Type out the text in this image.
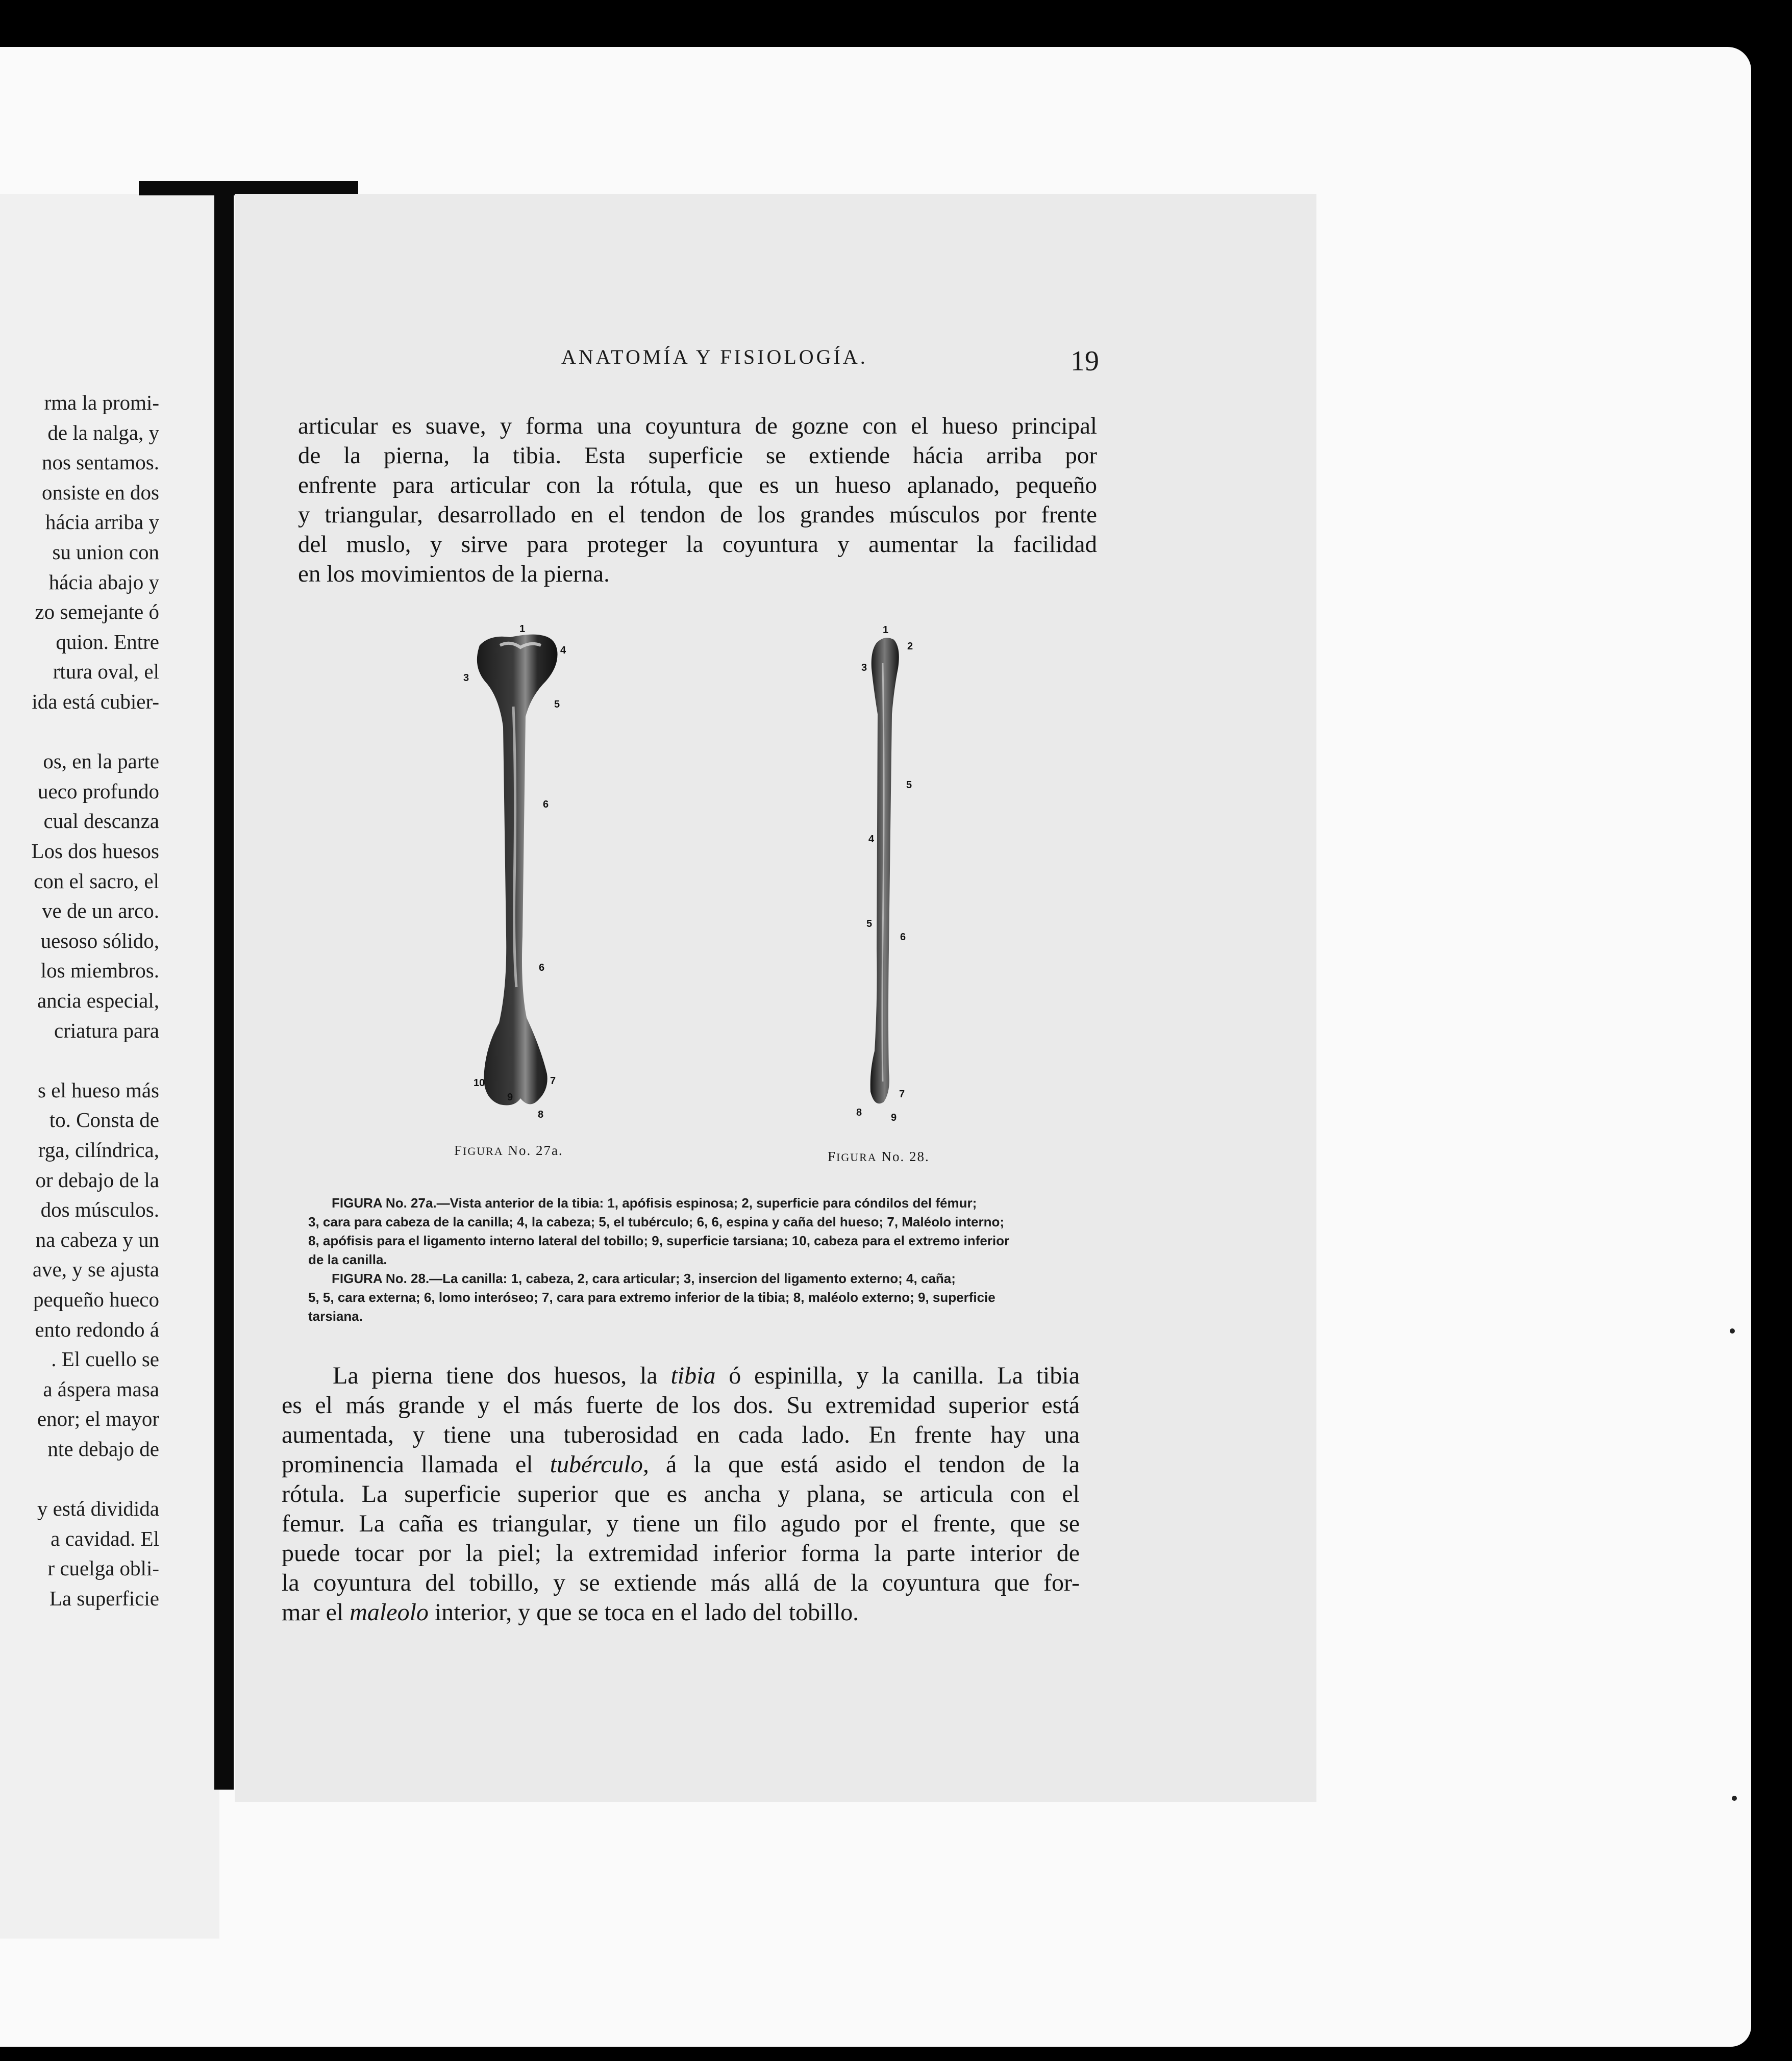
rma la promi-
de la nalga, y
nos sentamos.
onsiste en dos
hácia arriba y
su union con
hácia abajo y
zo semejante ó
quion. Entre
rtura oval, el
ida está cubier-
os, en la parte
ueco profundo
cual descanza
Los dos huesos
con el sacro, el
ve de un arco.
uesoso sólido,
los miembros.
ancia especial,
criatura para
s el hueso más
to. Consta de
rga, cilíndrica,
or debajo de la
dos músculos.
na cabeza y un
ave, y se ajusta
pequeño hueco
ento redondo á
. El cuello se
a áspera masa
enor; el mayor
nte debajo de
y está dividida
a cavidad. El
r cuelga obli-
La superficie
ANATOMÍA Y FISIOLOGÍA.	19
articular es suave, y forma una coyuntura de gozne con el hueso principal
de la pierna, la tibia. Esta superficie se extiende hácia arriba por
enfrente para articular con la rótula, que es un hueso aplanado, pequeño
y triangular, desarrollado en el tendon de los grandes músculos por frente
del muslo, y sirve para proteger la coyuntura y aumentar la facilidad
en los movimientos de la pierna.
1
4
3
5
6
6
10
9
7
8
1
2
3
5
4
5
6
7
8	9
FIGURA No. 27a.	FIGURA No. 28.
FIGURA No. 27a.—Vista anterior de la tibia: 1, apófisis espinosa; 2, superficie para cóndilos del fémur;
3, cara para cabeza de la canilla; 4, la cabeza; 5, el tubérculo; 6, 6, espina y caña del hueso; 7, Maléolo interno;
8, apófisis para el ligamento interno lateral del tobillo; 9, superficie tarsiana; 10, cabeza para el extremo inferior
de la canilla.
FIGURA No. 28.—La canilla: 1, cabeza, 2, cara articular; 3, insercion del ligamento externo; 4, caña;
5, 5, cara externa; 6, lomo interóseo; 7, cara para extremo inferior de la tibia; 8, maléolo externo; 9, superficie
tarsiana.
La pierna tiene dos huesos, la tibia ó espinilla, y la canilla. La tibia
es el más grande y el más fuerte de los dos. Su extremidad superior está
aumentada, y tiene una tuberosidad en cada lado. En frente hay una
prominencia llamada el tubérculo, á la que está asido el tendon de la
rótula. La superficie superior que es ancha y plana, se articula con el
femur. La caña es triangular, y tiene un filo agudo por el frente, que se
puede tocar por la piel; la extremidad inferior forma la parte interior de
la coyuntura del tobillo, y se extiende más allá de la coyuntura que for-
mar el maleolo interior, y que se toca en el lado del tobillo.
